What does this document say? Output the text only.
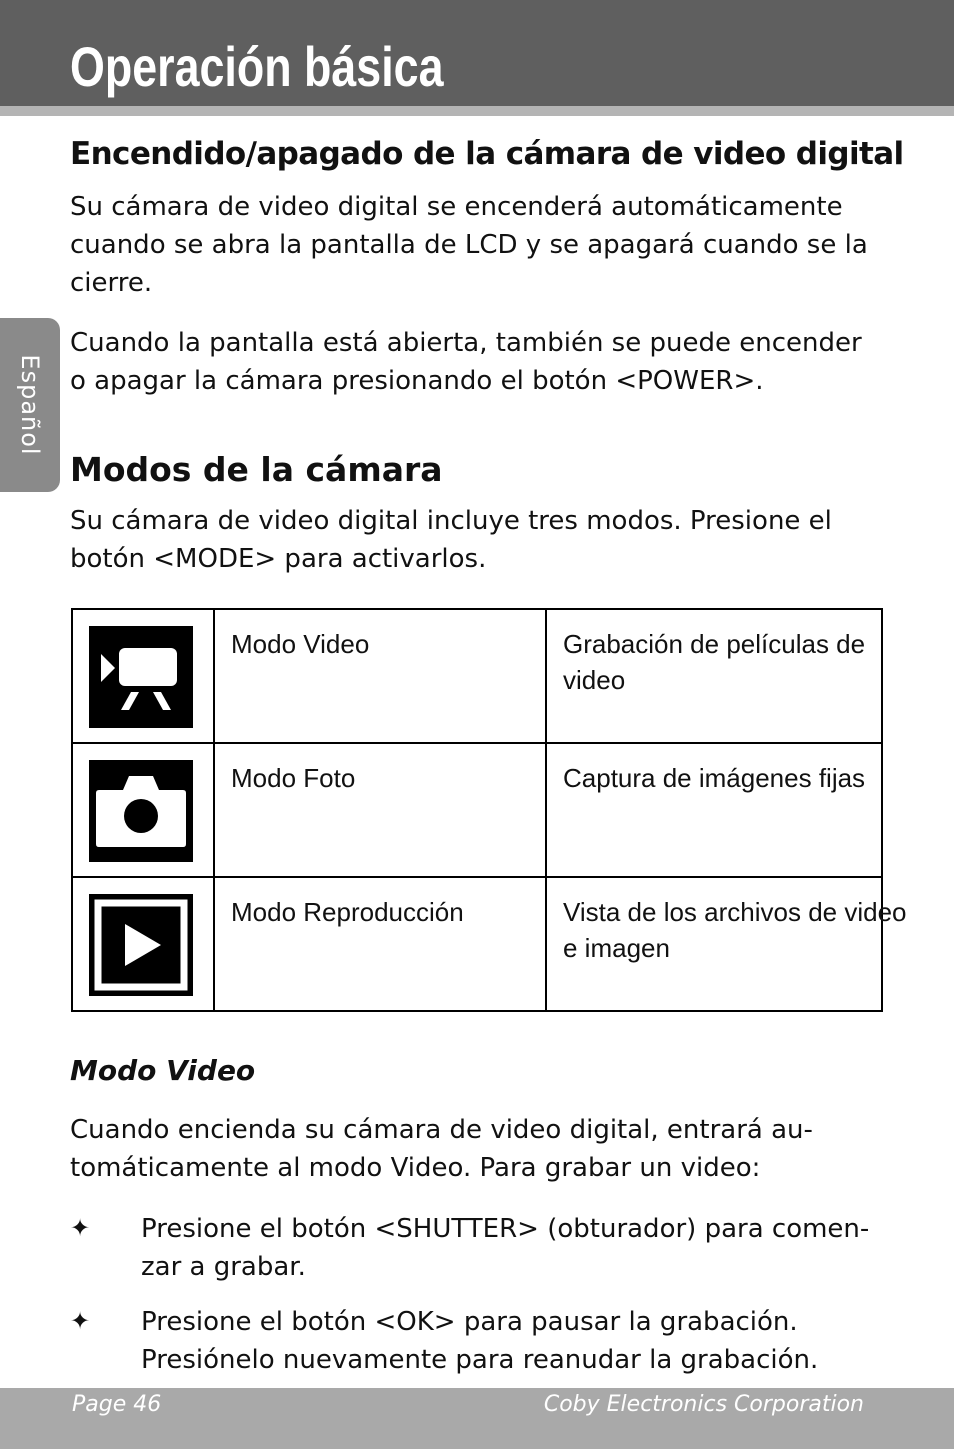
Operación básica
Español
Encendido/apagado de la cámara de video digital

Su cámara de video digital se encenderá automáticamente
cuando se abra la pantalla de LCD y se apagará cuando se la
cierre.

Cuando la pantalla está abierta, también se puede encender
o apagar la cámara presionando el botón <POWER>.

Modos de la cámara

Su cámara de video digital incluye tres modos. Presione el
botón <MODE> para activarlos.

Modo Video	Grabación de películas de
video

Modo Foto	Captura de imágenes fijas

Modo Reproducción	Vista de los archivos de video
e imagen
Modo Video

Cuando encienda su cámara de video digital, entrará au-
tomáticamente al modo Video. Para grabar un video:

✦	Presione el botón <SHUTTER> (obturador) para comen-
zar a grabar.

✦	Presione el botón <OK> para pausar la grabación.
Presiónelo nuevamente para reanudar la grabación.

Page 46	Coby Electronics Corporation
